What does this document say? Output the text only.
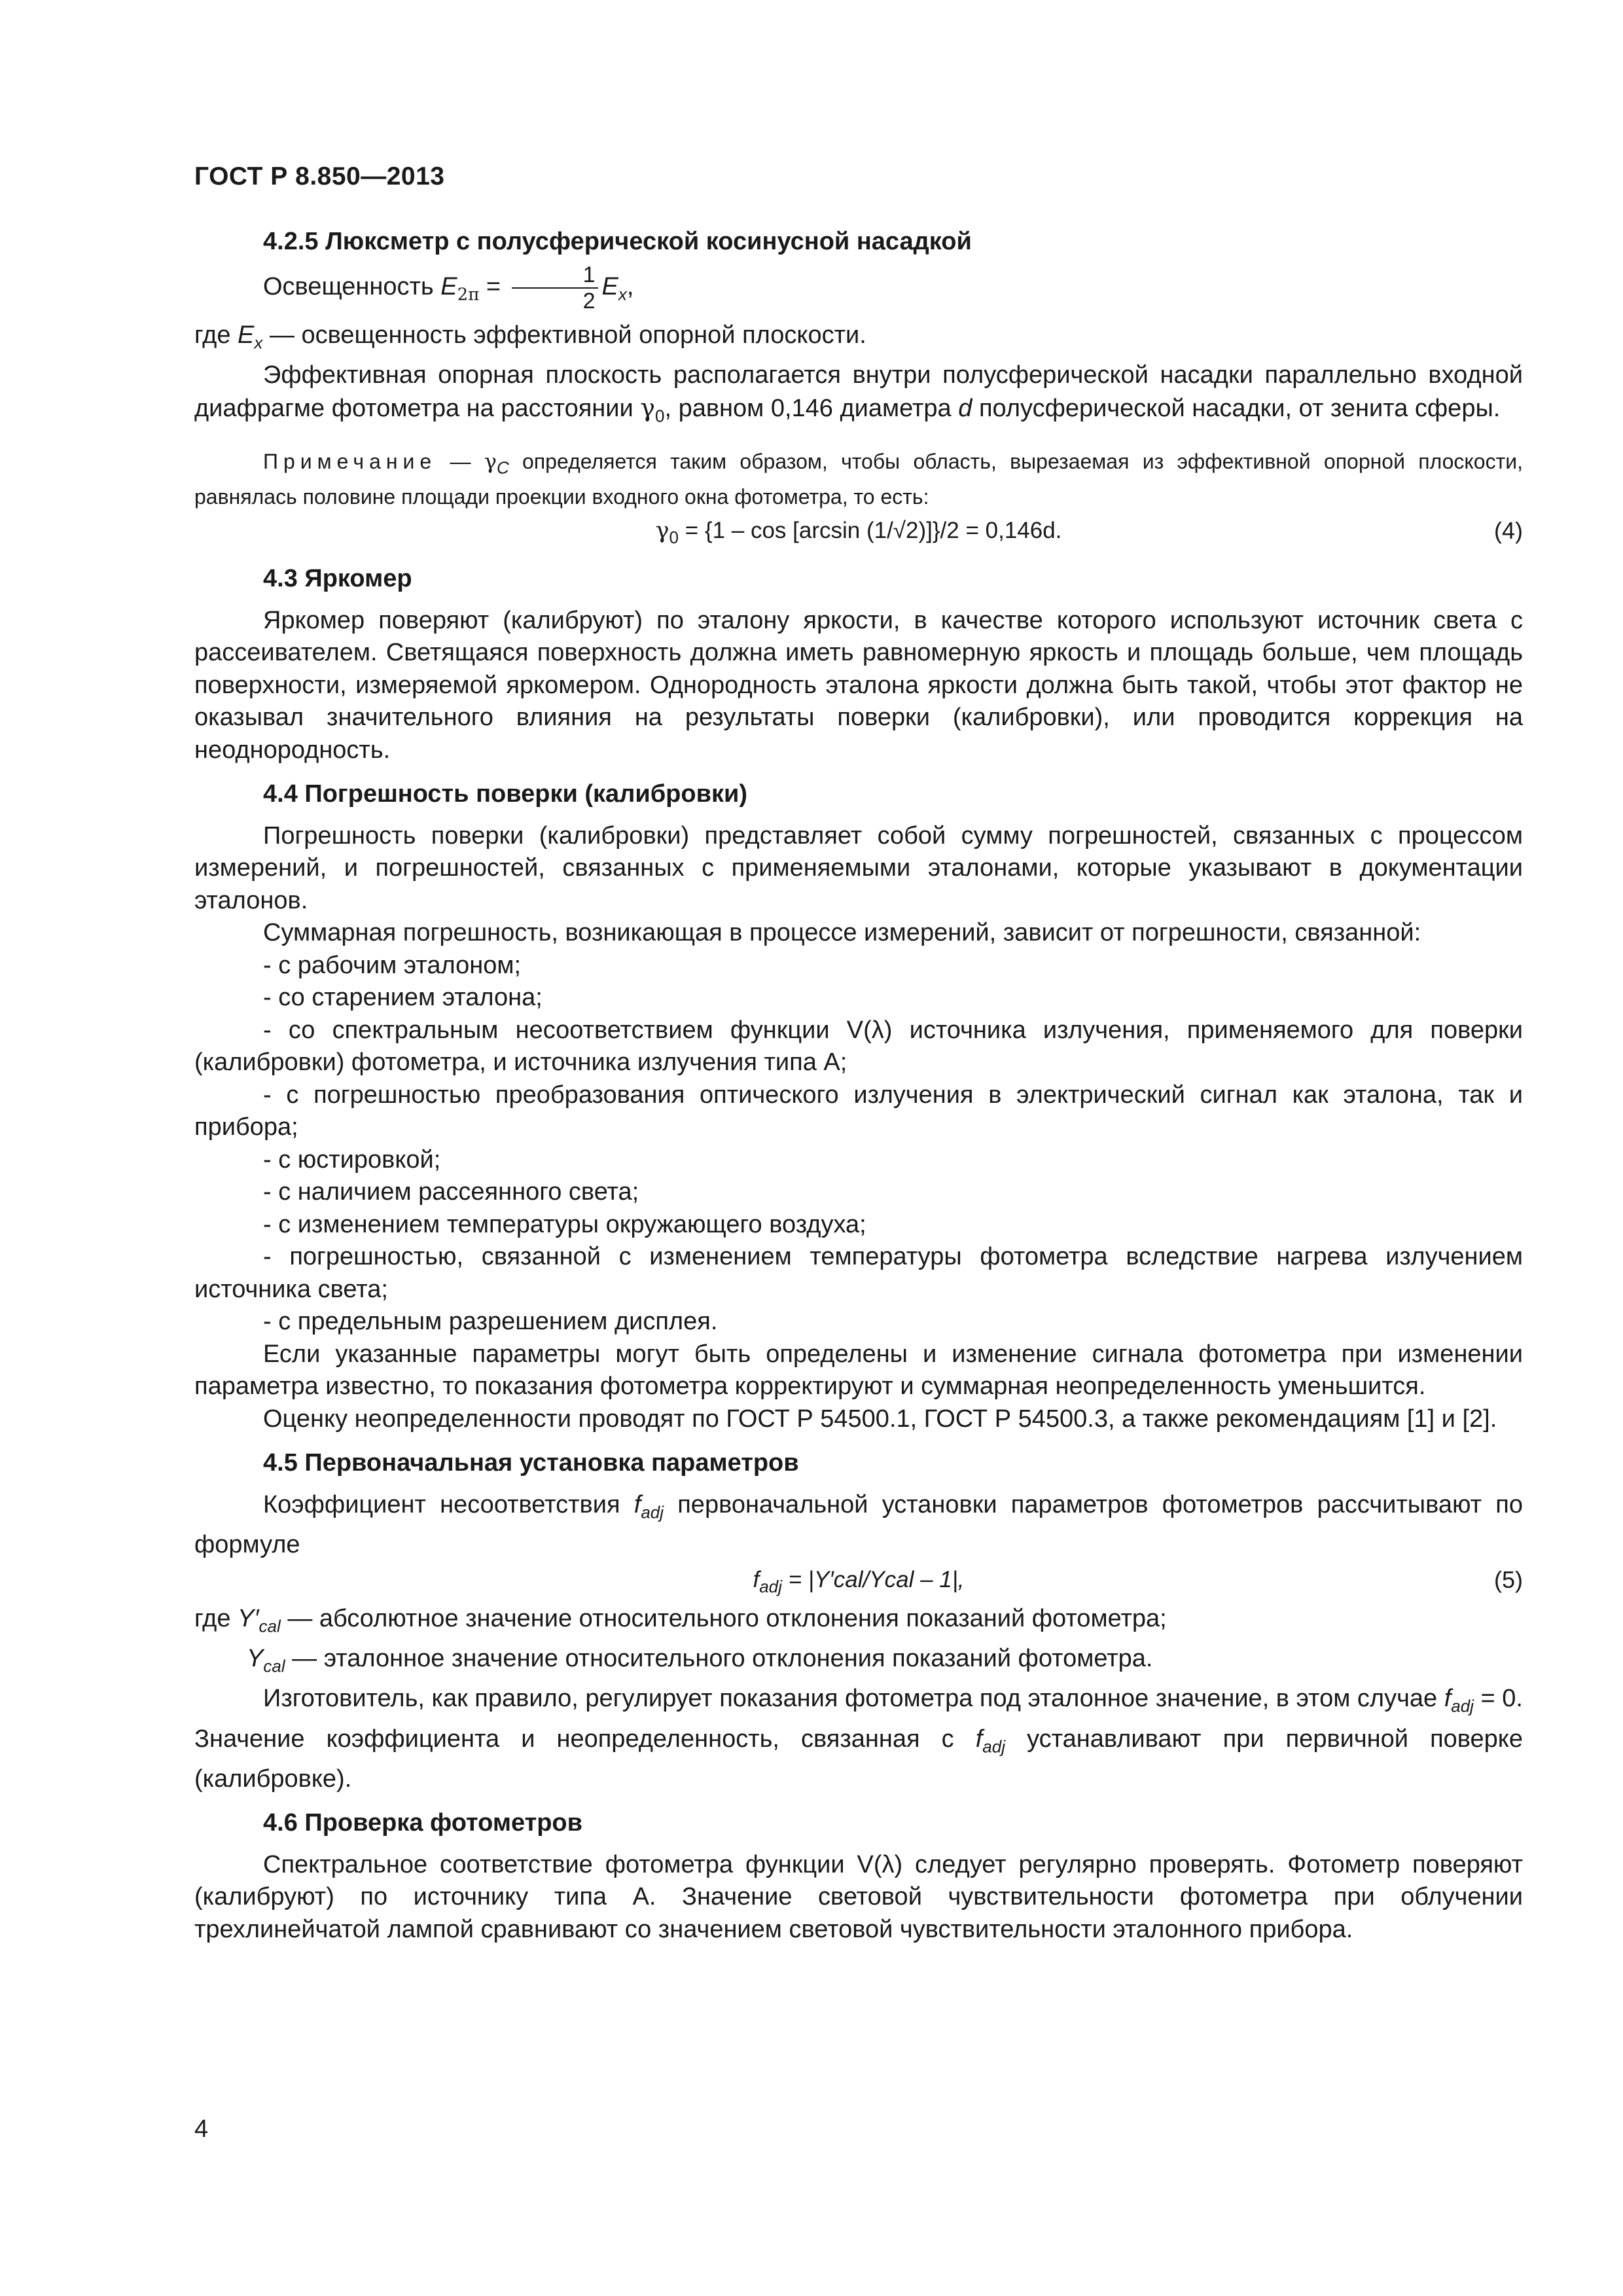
ГОСТ Р 8.850—2013

4.2.5 Люксметр с полусферической косинусной насадкой

Освещенность $E_{2\pi} = \frac{1}{2} E_x$,

где $E_x$ — освещенность эффективной опорной плоскости.

Эффективная опорная плоскость располагается внутри полусферической насадки параллельно входной диафрагме фотометра на расстоянии $\gamma_0$, равном 0,146 диаметра d полусферической насадки, от зенита сферы.

Примечание — $\gamma_C$ определяется таким образом, чтобы область, вырезаемая из эффективной опорной плоскости, равнялась половине площади проекции входного окна фотометра, то есть:

$\gamma_0 = \{1 - \cos [\arcsin$ (1/√2)]}/2 = 0,146d.	(4)

4.3 Яркомер

Яркомер поверяют (калибруют) по эталону яркости, в качестве которого используют источник света с рассеивателем. Светящаяся поверхность должна иметь равномерную яркость и площадь больше, чем площадь поверхности, измеряемой яркомером. Однородность эталона яркости должна быть такой, чтобы этот фактор не оказывал значительного влияния на результаты поверки (калибровки), или проводится коррекция на неоднородность.

4.4 Погрешность поверки (калибровки)

Погрешность поверки (калибровки) представляет собой сумму погрешностей, связанных с процессом измерений, и погрешностей, связанных с применяемыми эталонами, которые указывают в документации эталонов.

Суммарная погрешность, возникающая в процессе измерений, зависит от погрешности, связанной:

- с рабочим эталоном;

- со старением эталона;

- со спектральным несоответствием функции V(λ) источника излучения, применяемого для поверки (калибровки) фотометра, и источника излучения типа A;

- с погрешностью преобразования оптического излучения в электрический сигнал как эталона, так и прибора;

- с юстировкой;

- с наличием рассеянного света;

- с изменением температуры окружающего воздуха;

- погрешностью, связанной с изменением температуры фотометра вследствие нагрева излучением источника света;

- с предельным разрешением дисплея.

Если указанные параметры могут быть определены и изменение сигнала фотометра при изменении параметра известно, то показания фотометра корректируют и суммарная неопределенность уменьшится.

Оценку неопределенности проводят по ГОСТ Р 54500.1, ГОСТ Р 54500.3, а также рекомендациям [1] и [2].

4.5 Первоначальная установка параметров

Коэффициент несоответствия $f_{adj}$ первоначальной установки параметров фотометров рассчитывают по формуле

$f_{adj}$ = |Y′cal/Ycal – 1|,	(5)

где $Y'_{cal}$ — абсолютное значение относительного отклонения показаний фотометра;

$Y_{cal}$ — эталонное значение относительного отклонения показаний фотометра.

Изготовитель, как правило, регулирует показания фотометра под эталонное значение, в этом случае $f_{adj} = 0$. Значение коэффициента и неопределенность, связанная с $f_{adj}$ устанавливают при первичной поверке (калибровке).

4.6 Проверка фотометров

Спектральное соответствие фотометра функции V(λ) следует регулярно проверять. Фотометр поверяют (калибруют) по источнику типа A. Значение световой чувствительности фотометра при облучении трехлинейчатой лампой сравнивают со значением световой чувствительности эталонного прибора.

4
